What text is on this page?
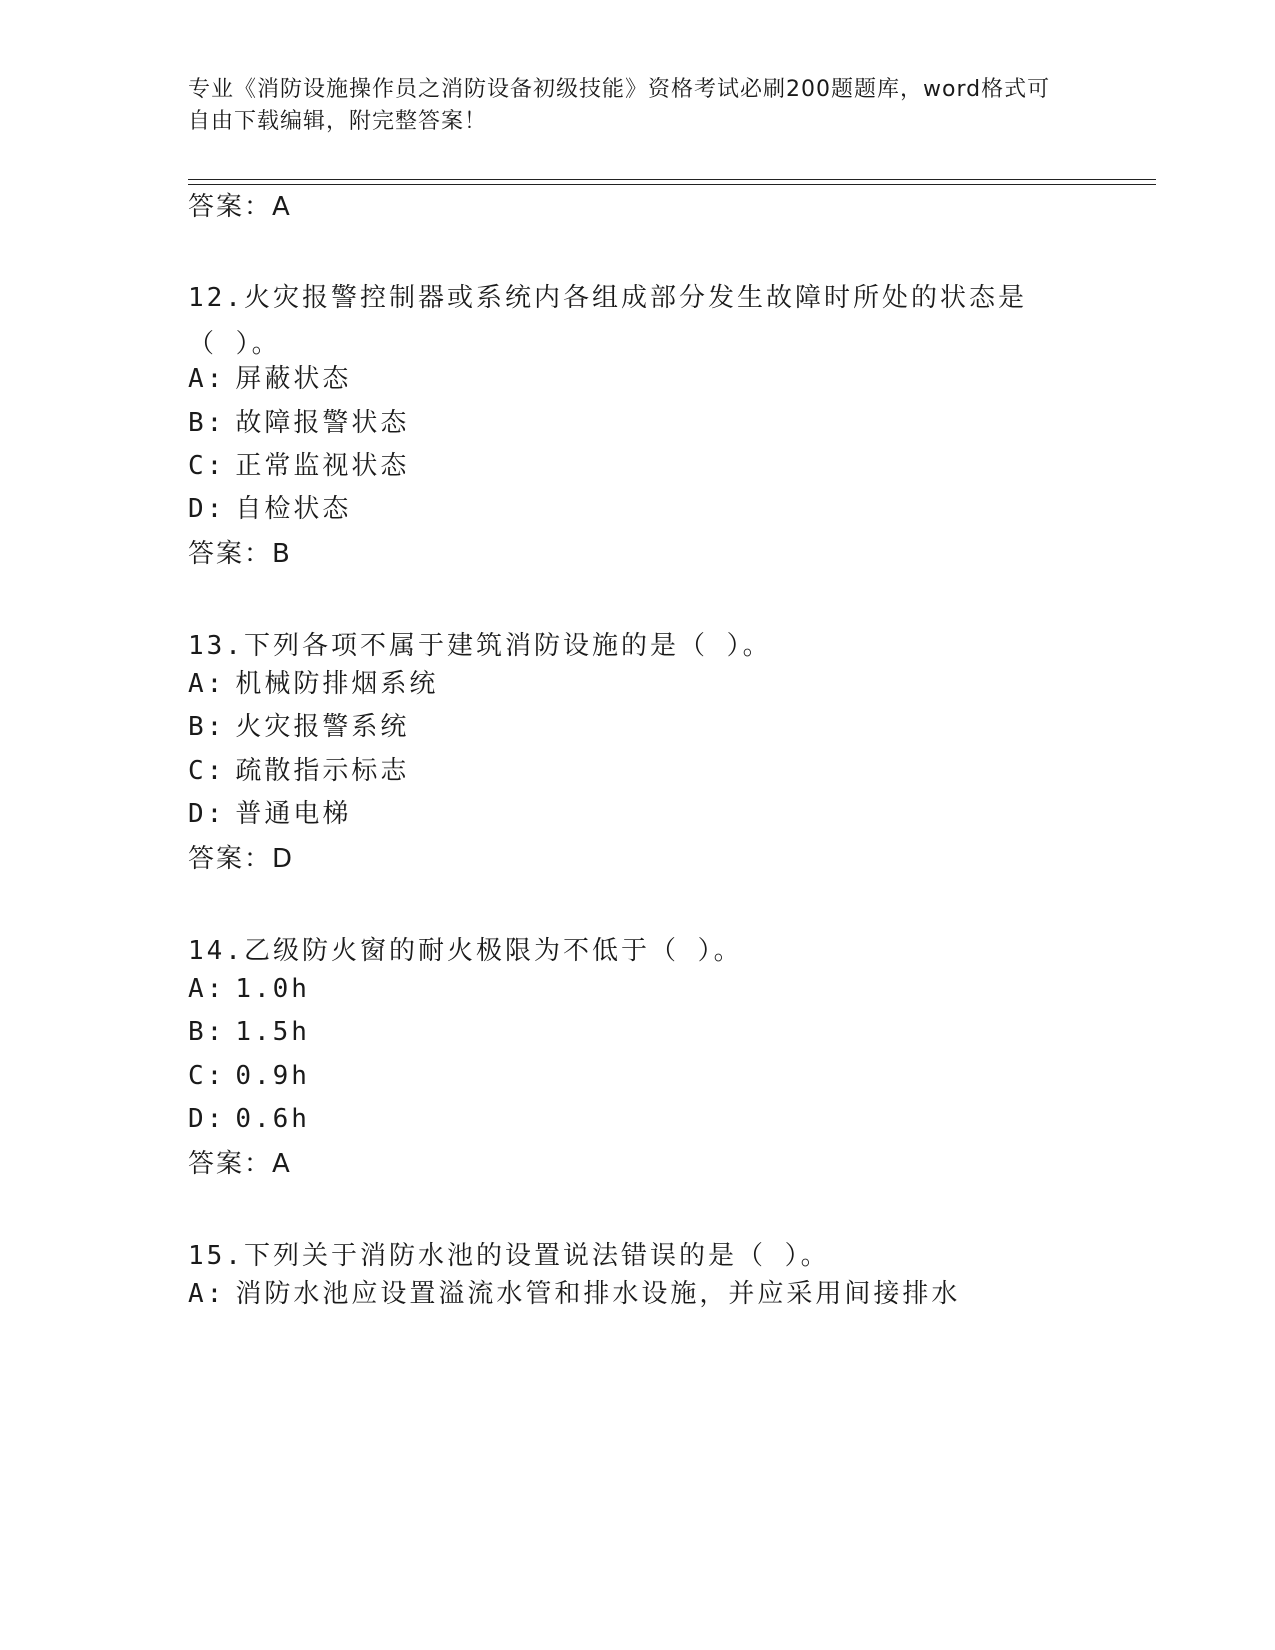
专业《消防设施操作员之消防设备初级技能》资格考试必刷200题题库，word格式可自由下载编辑，附完整答案！
答案：A
12.火灾报警控制器或系统内各组成部分发生故障时所处的状态是（ ）。
A: 屏蔽状态
B: 故障报警状态
C: 正常监视状态
D: 自检状态
答案：B
13.下列各项不属于建筑消防设施的是（ ）。
A: 机械防排烟系统
B: 火灾报警系统
C: 疏散指示标志
D: 普通电梯
答案：D
14.乙级防火窗的耐火极限为不低于（ ）。
A: 1.0h
B: 1.5h
C: 0.9h
D: 0.6h
答案：A
15.下列关于消防水池的设置说法错误的是（ ）。
A: 消防水池应设置溢流水管和排水设施，并应采用间接排水
